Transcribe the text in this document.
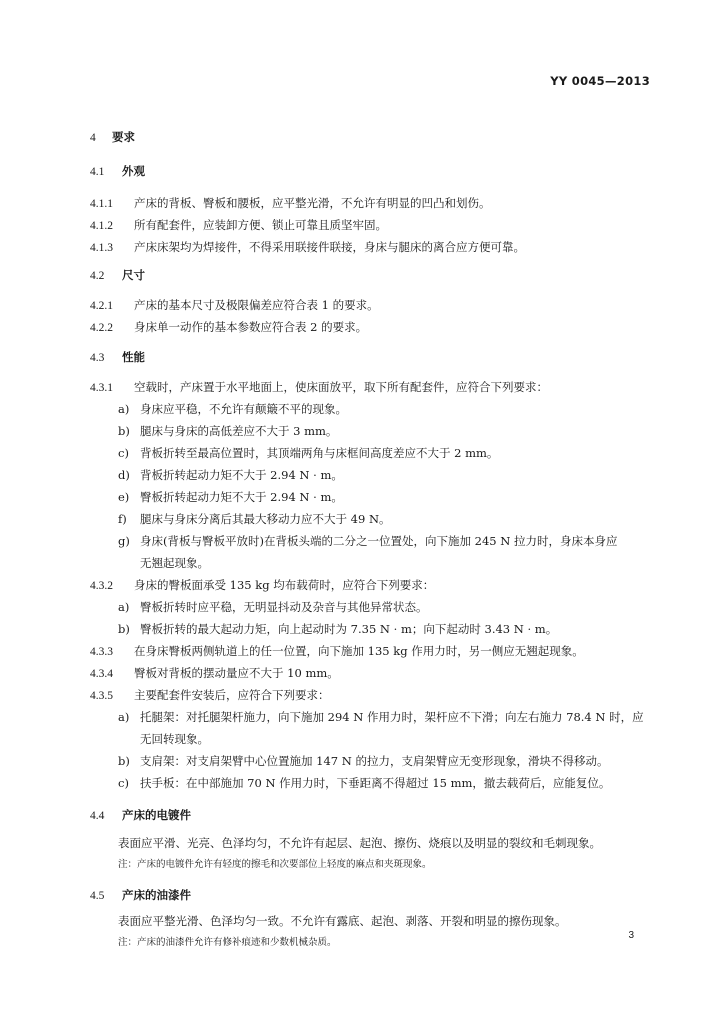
YY 0045—2013
4 要求
4.1 外观
4.1.1 产床的背板、臀板和腰板，应平整光滑，不允许有明显的凹凸和划伤。
4.1.2 所有配套件，应装卸方便、锁止可靠且质坚牢固。
4.1.3 产床床架均为焊接件，不得采用联接件联接，身床与腿床的离合应方便可靠。
4.2 尺寸
4.2.1 产床的基本尺寸及极限偏差应符合表 1 的要求。
4.2.2 身床单一动作的基本参数应符合表 2 的要求。
4.3 性能
4.3.1 空载时，产床置于水平地面上，使床面放平，取下所有配套件，应符合下列要求：
a) 身床应平稳，不允许有颠簸不平的现象。
b) 腿床与身床的高低差应不大于 3 mm。
c) 背板折转至最高位置时，其顶端两角与床框间高度差应不大于 2 mm。
d) 背板折转起动力矩不大于 2.94 N · m。
e) 臀板折转起动力矩不大于 2.94 N · m。
f) 腿床与身床分离后其最大移动力应不大于 49 N。
g) 身床(背板与臀板平放时)在背板头端的二分之一位置处，向下施加 245 N 拉力时，身床本身应
无翘起现象。
4.3.2 身床的臀板面承受 135 kg 均布载荷时，应符合下列要求：
a) 臀板折转时应平稳，无明显抖动及杂音与其他异常状态。
b) 臀板折转的最大起动力矩，向上起动时为 7.35 N · m；向下起动时 3.43 N · m。
4.3.3 在身床臀板两侧轨道上的任一位置，向下施加 135 kg 作用力时，另一侧应无翘起现象。
4.3.4 臀板对背板的摆动量应不大于 10 mm。
4.3.5 主要配套件安装后，应符合下列要求：
a) 托腿架：对托腿架杆施力，向下施加 294 N 作用力时，架杆应不下滑；向左右施力 78.4 N 时，应
无回转现象。
b) 支肩架：对支肩架臂中心位置施加 147 N 的拉力，支肩架臂应无变形现象，滑块不得移动。
c) 扶手板：在中部施加 70 N 作用力时，下垂距离不得超过 15 mm，撤去载荷后，应能复位。
4.4 产床的电镀件
表面应平滑、光亮、色泽均匀，不允许有起层、起泡、擦伤、烧痕以及明显的裂纹和毛刺现象。
注：产床的电镀件允许有轻度的擦毛和次要部位上轻度的麻点和夹斑现象。
4.5 产床的油漆件
表面应平整光滑、色泽均匀一致。不允许有露底、起泡、剥落、开裂和明显的擦伤现象。
注：产床的油漆件允许有修补痕迹和少数机械杂质。
3
